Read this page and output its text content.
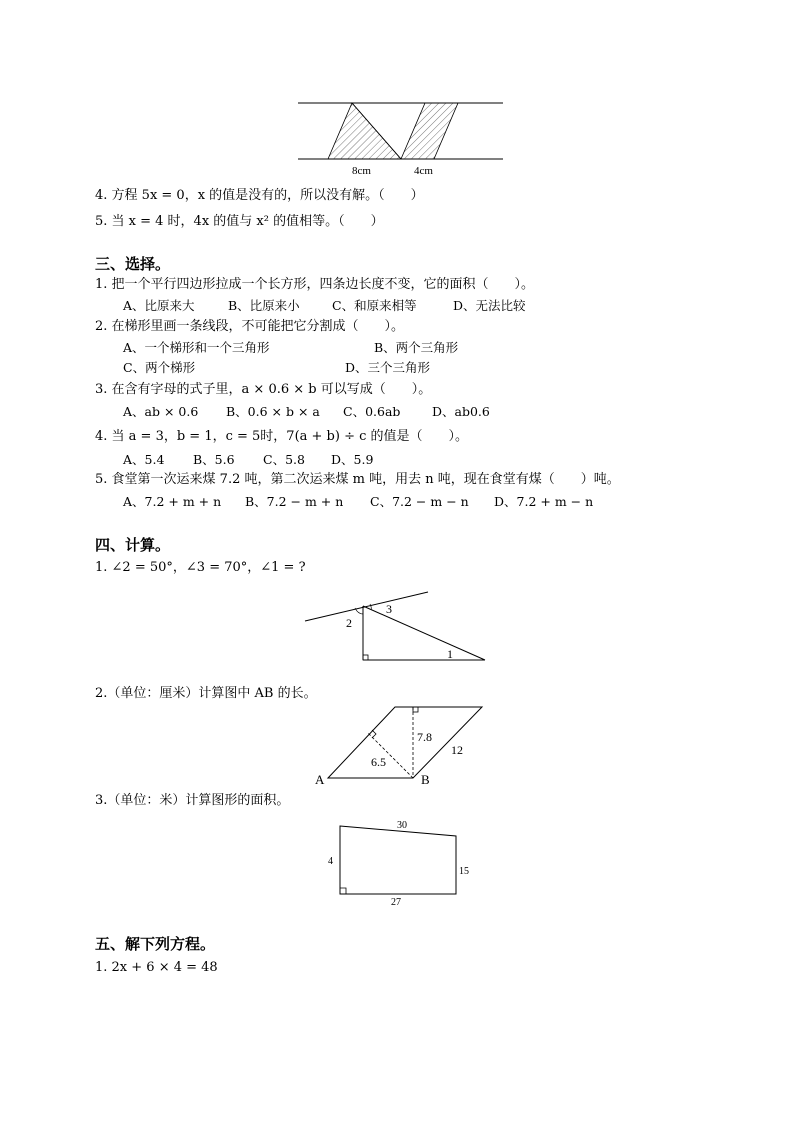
8cm	4cm
4. 方程 5x = 0，x 的值是没有的，所以没有解。（　　）
5. 当 x = 4 时，4x 的值与 x² 的值相等。（　　）
三、选择。
1. 把一个平行四边形拉成一个长方形，四条边长度不变，它的面积（　　）。
A、比原来大	B、比原来小	C、和原来相等	D、无法比较
2. 在梯形里画一条线段，不可能把它分割成（　　）。
A、一个梯形和一个三角形	B、两个三角形
C、两个梯形	D、三个三角形
3. 在含有字母的式子里，a × 0.6 × b 可以写成（　　）。
A、ab × 0.6 B、0.6 × b × a C、0.6ab	D、ab0.6
4. 当 a = 3，b = 1，c = 5时，7(a + b) ÷ c 的值是（　　）。
A、5.4 B、5.6 C、5.8 D、5.9
5. 食堂第一次运来煤 7.2 吨，第二次运来煤 m 吨，用去 n 吨，现在食堂有煤（　　）吨。
A、7.2 + m + n B、7.2 − m + n C、7.2 − m − n D、7.2 + m − n
四、计算。
1. ∠2 = 50°，∠3 = 70°，∠1 = ?
2
3
1
2.（单位：厘米）计算图中 AB 的长。
7.8
12
6.5
A	B
3.（单位：米）计算图形的面积。
30
4
15
27
五、解下列方程。
1. 2x + 6 × 4 = 48
